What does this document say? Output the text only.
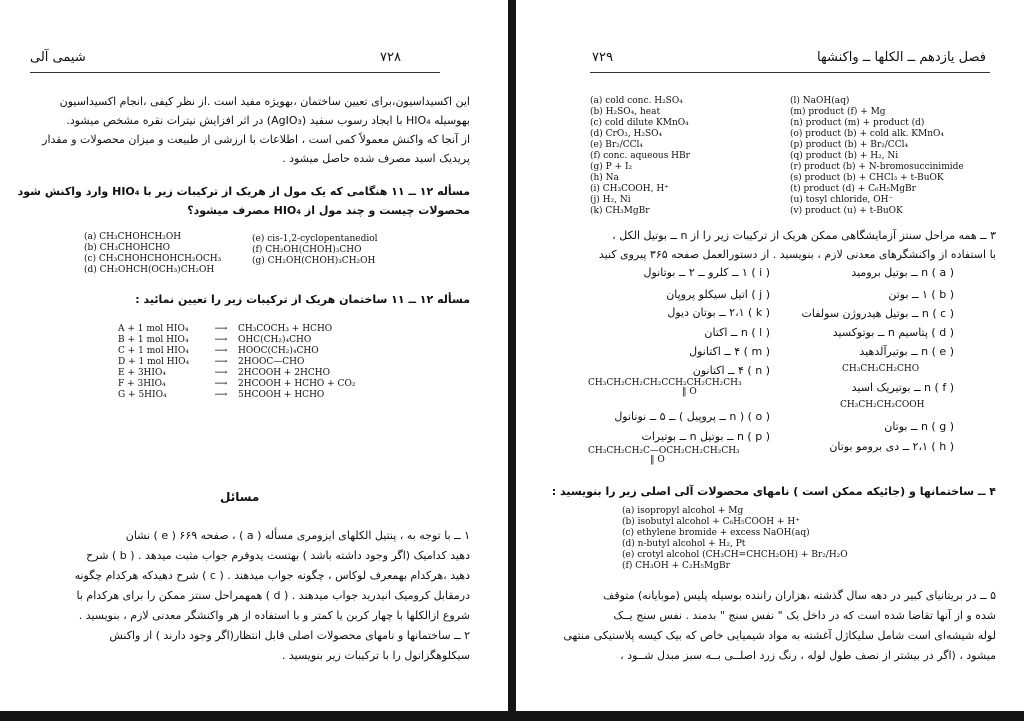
شیمی آلی	۷۲۸
این اکسیداسیون،برای تعیین ساختمان ،بهویژه مفید است .از نظر کیفی ،انجام اکسیداسیون
بهوسیله HIO₄ با ایجاد رسوب سفید (AgIO₃) در اثر افزایش نیترات نقره مشخص میشود.
از آنجا که واکنش معمولاً کمی است ، اطلاعات با ارزشی از طبیعت و میزان محصولات و مقدار
پریدیک اسید مصرف شده حاصل میشود .
مسأله ۱۲ ــ ۱۱ هنگامی که یک مول از هریک از ترکیبات زیر با HIO₄ وارد واکنش شود
محصولات چیست و چند مول از HIO₄ مصرف میشود؟
(a) CH₃CHOHCH₂OH
(b) CH₃CHOHCHO
(c) CH₃CHOHCHOHCH₂OCH₃
(d) CH₂OHCH(OCH₃)CH₂OH
(e) cis-1,2-cyclopentanediol
(f) CH₂OH(CHOH)₃CHO
(g) CH₂OH(CHOH)₃CH₂OH
مسأله ۱۲ ــ ۱۱ ساختمان هریک از ترکیبات زیر را تعیین نمائید :
A + 1 mol HIO₄	⟶	CH₃COCH₃ + HCHO
B + 1 mol HIO₄	⟶	OHC(CH₂)₄CHO
C + 1 mol HIO₄	⟶	HOOC(CH₂)₄CHO
D + 1 mol HIO₄	⟶	2HOOC—CHO
E + 3HIO₄	⟶	2HCOOH + 2HCHO
F + 3HIO₄	⟶	2HCOOH + HCHO + CO₂
G + 5HIO₄	⟶	5HCOOH + HCHO
مسائل
۱ ــ با توجه به ، پنتیل الکلهای ایزومری مسأله ( a ) ، صفحه ۶۶۹ ( e ) نشان
دهید کدامیک (اگر وجود داشته باشد ) بهتست یدوفرم جواب مثبت میدهد . ( b ) شرح
دهید ،هرکدام بهمعرف لوکاس ، چگونه جواب میدهند . ( c ) شرح دهیدکه هرکدام چگونه
درمقابل کرومیک انیدرید جواب میدهند . ( d ) همهمراحل سنتز ممکن را برای هرکدام با
شروع ازالکلها با چهار کربن یا کمتر و با استفاده از هر واکنشگر معدنی لازم ، بنویسید .
۲ ــ ساختمانها و نامهای محصولات اصلی قابل انتظار(اگر وجود دارند ) از واکنش
سیکلوهگزانول را با ترکیبات زیر بنویسید .
فصل یازدهم ــ الکلها ــ واکنشها
۷۲۹
(a) cold conc. H₂SO₄
(b) H₂SO₄, heat
(c) cold dilute KMnO₄
(d) CrO₃, H₂SO₄
(e) Br₂/CCl₄
(f) conc. aqueous HBr
(g) P + I₂
(h) Na
(i) CH₃COOH, H⁺
(j) H₂, Ni
(k) CH₃MgBr
(l) NaOH(aq)
(m) product (f) + Mg
(n) product (m) + product (d)
(o) product (b) + cold alk. KMnO₄
(p) product (b) + Br₂/CCl₄
(q) product (b) + H₂, Ni
(r) product (b) + N-bromosuccinimide
(s) product (b) + CHCl₃ + t-BuOK
(t) product (d) + C₆H₅MgBr
(u) tosyl chloride, OH⁻
(v) product (u) + t-BuOK
۳ ــ همه مراحل سنتز آزمایشگاهی ممکن هریک از ترکیبات زیر را از n ــ بوتیل الکل ،
با استفاده از واکنشگرهای معدنی لازم ، بنویسید . از دستورالعمل صفحه ۳۶۵ پیروی کنید
( a ) n ــ بوتیل برومید
( b ) ۱ ــ بوتن
( c ) n ــ بوتیل هیدروژن سولفات
( d ) پتاسیم n ــ بوتوکسید
( e ) n ــ بوتیرآلدهید
CH₃CH₂CH₂CHO
( f ) n ــ بوتیریک اسید
CH₃CH₂CH₂COOH
( g ) n ــ بوتان
( h ) ۲،۱ ــ دی برومو بوتان
( i ) ۱ ــ کلرو ــ ۲ ــ بوتانول
( j ) اتیل سیکلو پروپان
( k ) ۲،۱ ــ بوتان دیول
( l ) n ــ اکتان
( m ) ۴ ــ اکتانول
( n ) ۴ ــ اکتانون
CH₃CH₂CH₂CH₂CCH₂CH₂CH₂CH₃
‖ O
( o ) ( n ــ پروپیل ) ــ ۵ ــ نونانول
( p ) n ــ بوتیل n ــ بوتیرات
CH₃CH₂CH₂C—OCH₂CH₂CH₂CH₃
‖ O
۴ ــ ساختمانها و (جائیکه ممکن است ) نامهای محصولات آلی اصلی زیر را بنویسید :
(a) isopropyl alcohol + Mg
(b) isobutyl alcohol + C₆H₅COOH + H⁺
(c) ethylene bromide + excess NaOH(aq)
(d) n-butyl alcohol + H₂, Pt
(e) crotyl alcohol (CH₃CH=CHCH₂OH) + Br₂/H₂O
(f) CH₃OH + C₂H₅MgBr
۵ ــ در بریتانیای کبیر در دهه سال گذشته ،هزاران راننده بوسیله پلیس (موبایانه) متوقف
شده و از آنها تقاضا شده است که در داخل یک " نفس سنج " بدمند . نفس سنج یــک
لوله شیشه‌ای است شامل سلیکاژل آغشته به مواد شیمیایی خاص که بیک کیسه پلاستیکی منتهی
میشود ، (اگر در بیشتر از نصف طول لوله ، رنگ زرد اصلــی بــه سبز مبدل شــود ،
